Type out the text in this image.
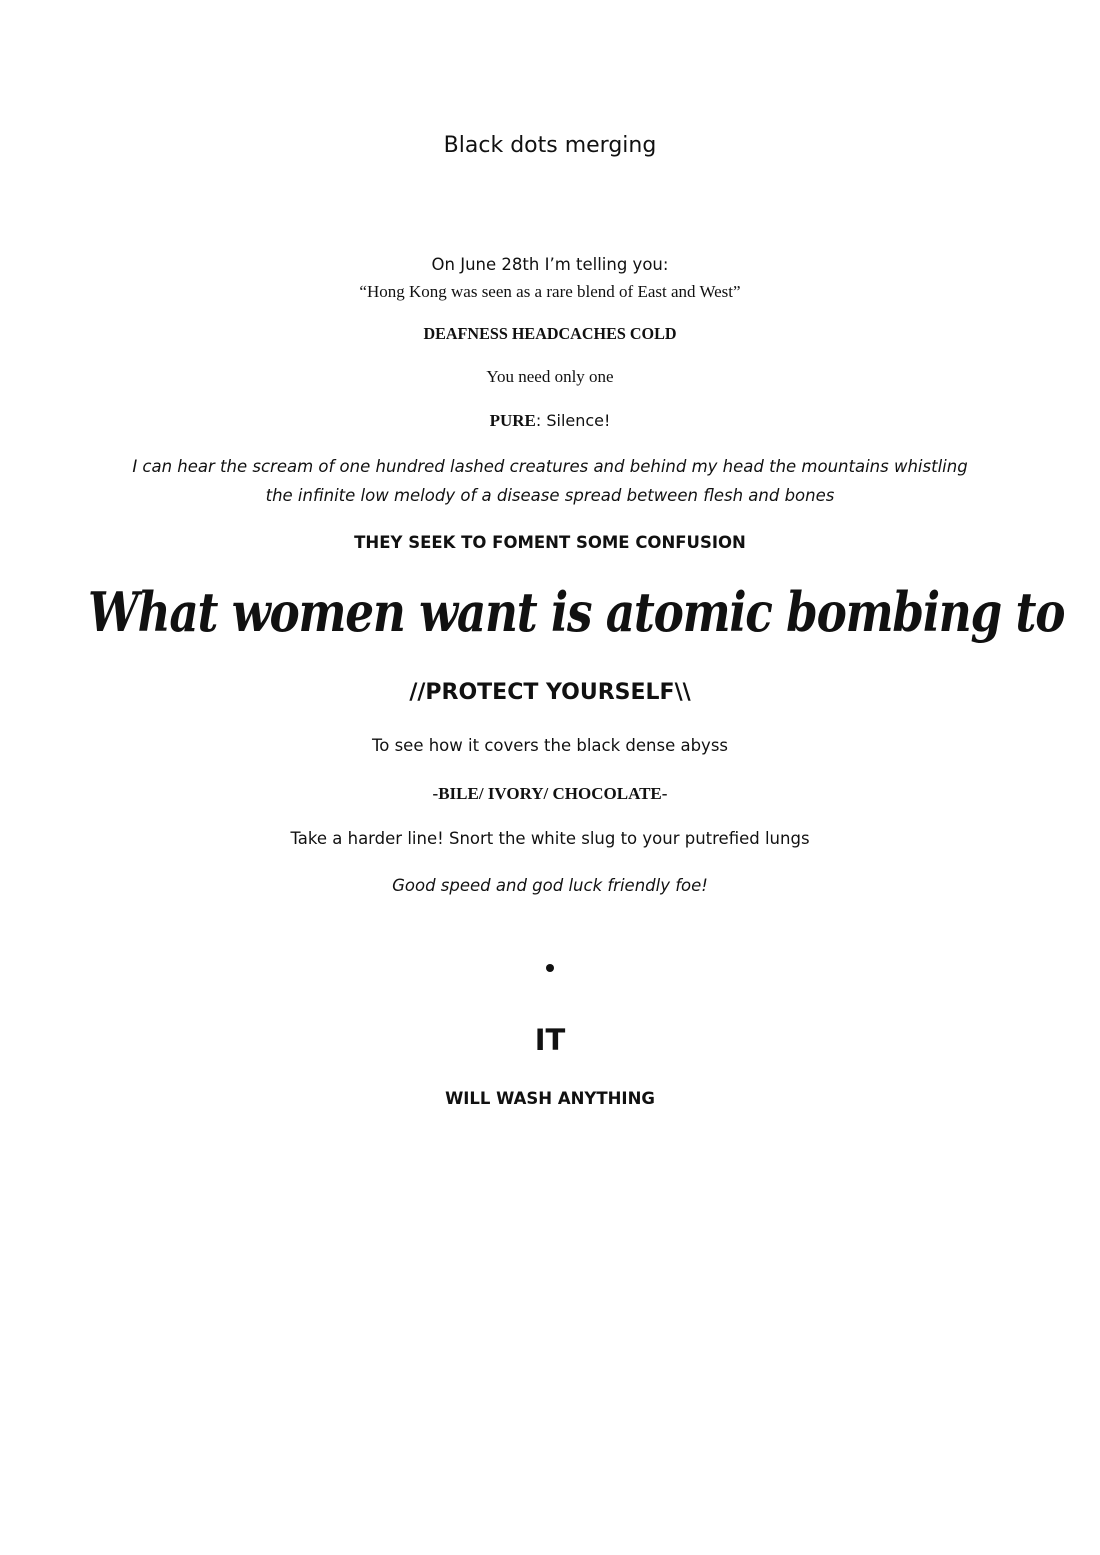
Black dots merging
On June 28th I’m telling you:
“Hong Kong was seen as a rare blend of East and West”
DEAFNESS HEADCACHES COLD
You need only one
PURE: Silence!
I can hear the scream of one hundred lashed creatures and behind my head the mountains whistling
the infinite low melody of a disease spread between flesh and bones
THEY SEEK TO FOMENT SOME CONFUSION
What women want is atomic bombing to
//PROTECT YOURSELF\\
To see how it covers the black dense abyss
-BILE/ IVORY/ CHOCOLATE-
Take a harder line! Snort the white slug to your putrefied lungs
Good speed and god luck friendly foe!
IT
WILL WASH ANYTHING
